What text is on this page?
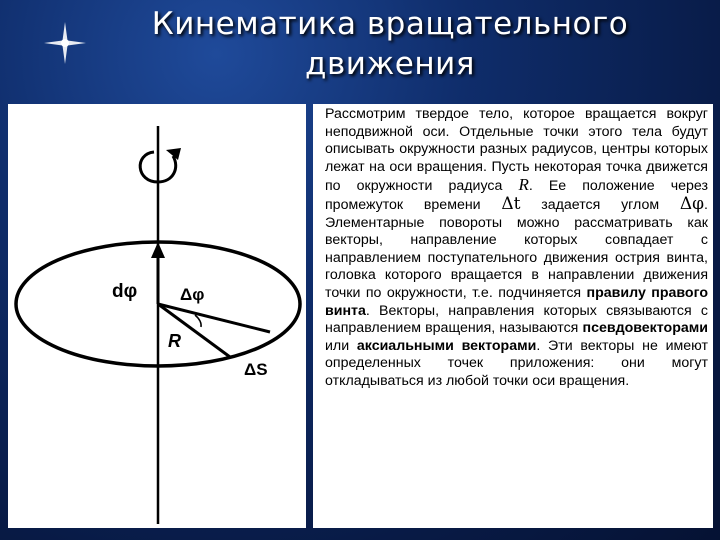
Кинематика вращательного
движения
dφ	Δφ
R
ΔS

Рассмотрим твердое тело, которое вращается вокруг неподвижной оси. Отдельные точки этого тела будут описывать окружности разных радиусов, центры которых лежат на оси вращения. Пусть некоторая точка движется по окружности радиуса R. Ее положение через промежуток времени Δt задается углом Δφ. Элементарные повороты можно рассматривать как векторы, направление которых совпадает с направлением поступательного движения острия винта, головка которого вращается в направлении движения точки по окружности, т.е. подчиняется правилу правого винта. Векторы, направления которых связываются с направлением вращения, называются псевдовекторами или аксиальными векторами. Эти векторы не имеют определенных точек приложения: они могут откладываться из любой точки оси вращения.
